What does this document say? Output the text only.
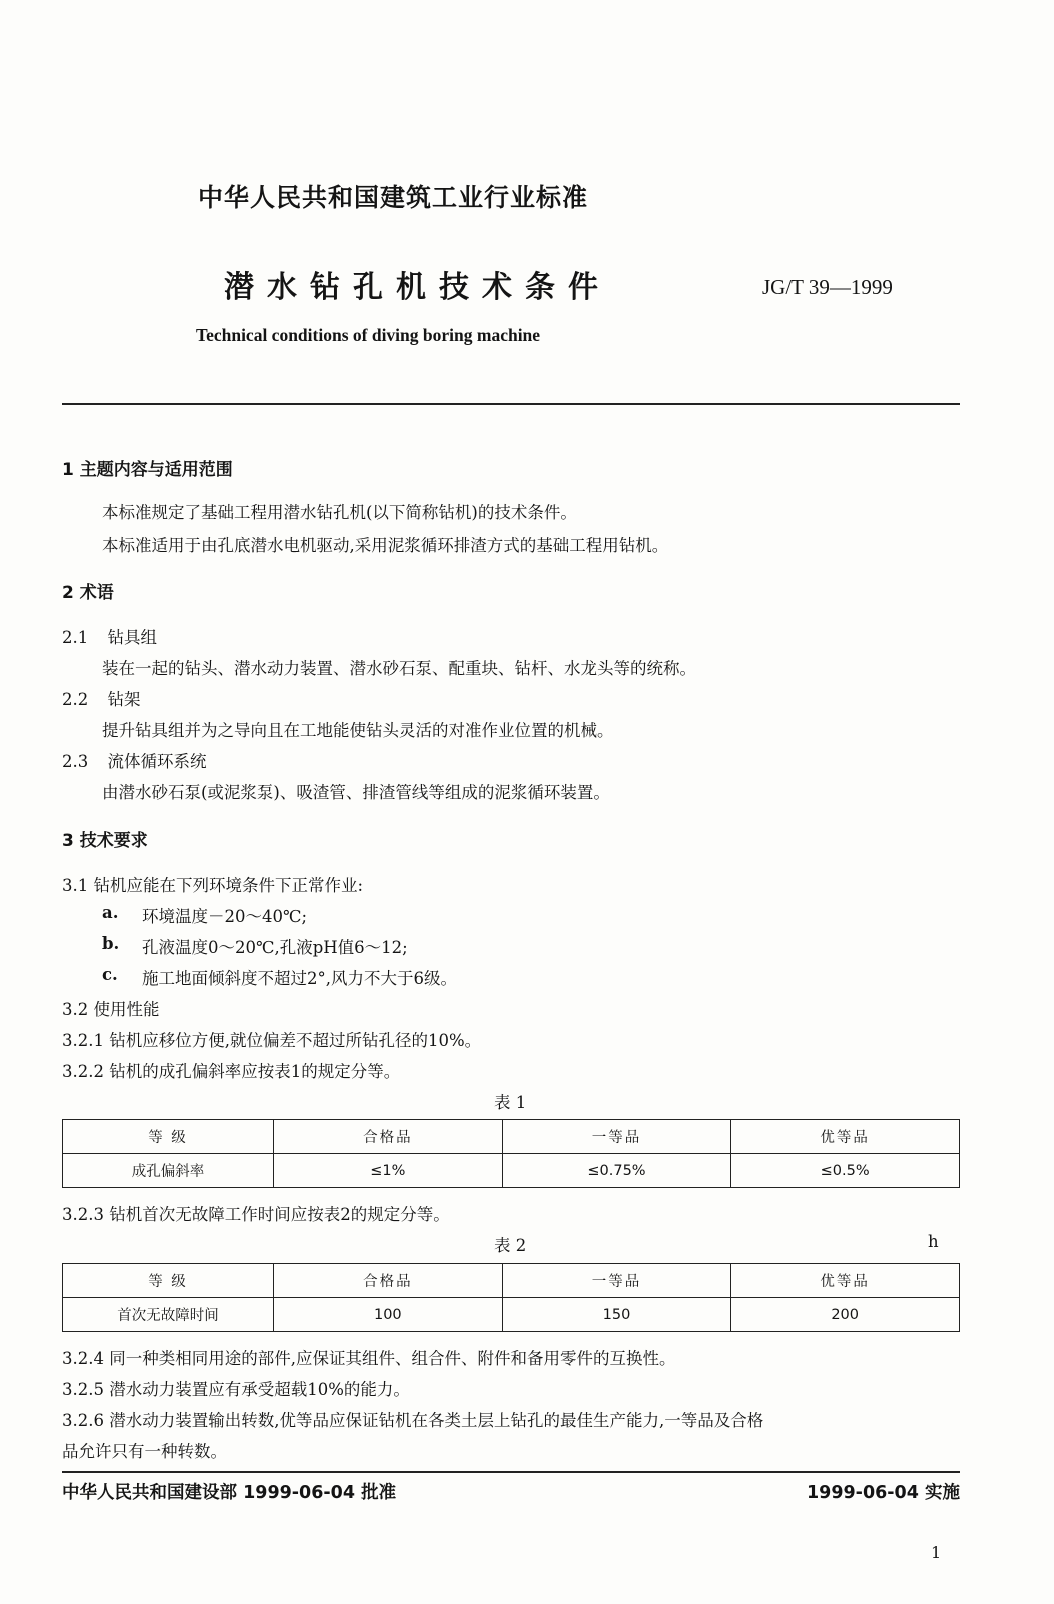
中华人民共和国建筑工业行业标准
潜水钻孔机技术条件	JG/T 39—1999
Technical conditions of diving boring machine
1 主题内容与适用范围
本标准规定了基础工程用潜水钻孔机(以下简称钻机)的技术条件。
本标准适用于由孔底潜水电机驱动,采用泥浆循环排渣方式的基础工程用钻机。
2 术语
2.1 钻具组
装在一起的钻头、潜水动力装置、潜水砂石泵、配重块、钻杆、水龙头等的统称。
2.2 钻架
提升钻具组并为之导向且在工地能使钻头灵活的对准作业位置的机械。
2.3 流体循环系统
由潜水砂石泵(或泥浆泵)、吸渣管、排渣管线等组成的泥浆循环装置。
3 技术要求
3.1 钻机应能在下列环境条件下正常作业:
a. 环境温度－20～40℃;
b. 孔液温度0～20℃,孔液pH值6～12;
c. 施工地面倾斜度不超过2°,风力不大于6级。
3.2 使用性能
3.2.1 钻机应移位方便,就位偏差不超过所钻孔径的10%。
3.2.2 钻机的成孔偏斜率应按表1的规定分等。
表 1
等 级	合格品	一等品	优等品
成孔偏斜率	≤1%	≤0.75%	≤0.5%
3.2.3 钻机首次无故障工作时间应按表2的规定分等。
表 2	h
等 级	合格品	一等品	优等品
首次无故障时间	100	150	200
3.2.4 同一种类相同用途的部件,应保证其组件、组合件、附件和备用零件的互换性。
3.2.5 潜水动力装置应有承受超载10%的能力。
3.2.6 潜水动力装置输出转数,优等品应保证钻机在各类土层上钻孔的最佳生产能力,一等品及合格
品允许只有一种转数。
中华人民共和国建设部 1999-06-04 批准	1999-06-04 实施
1
